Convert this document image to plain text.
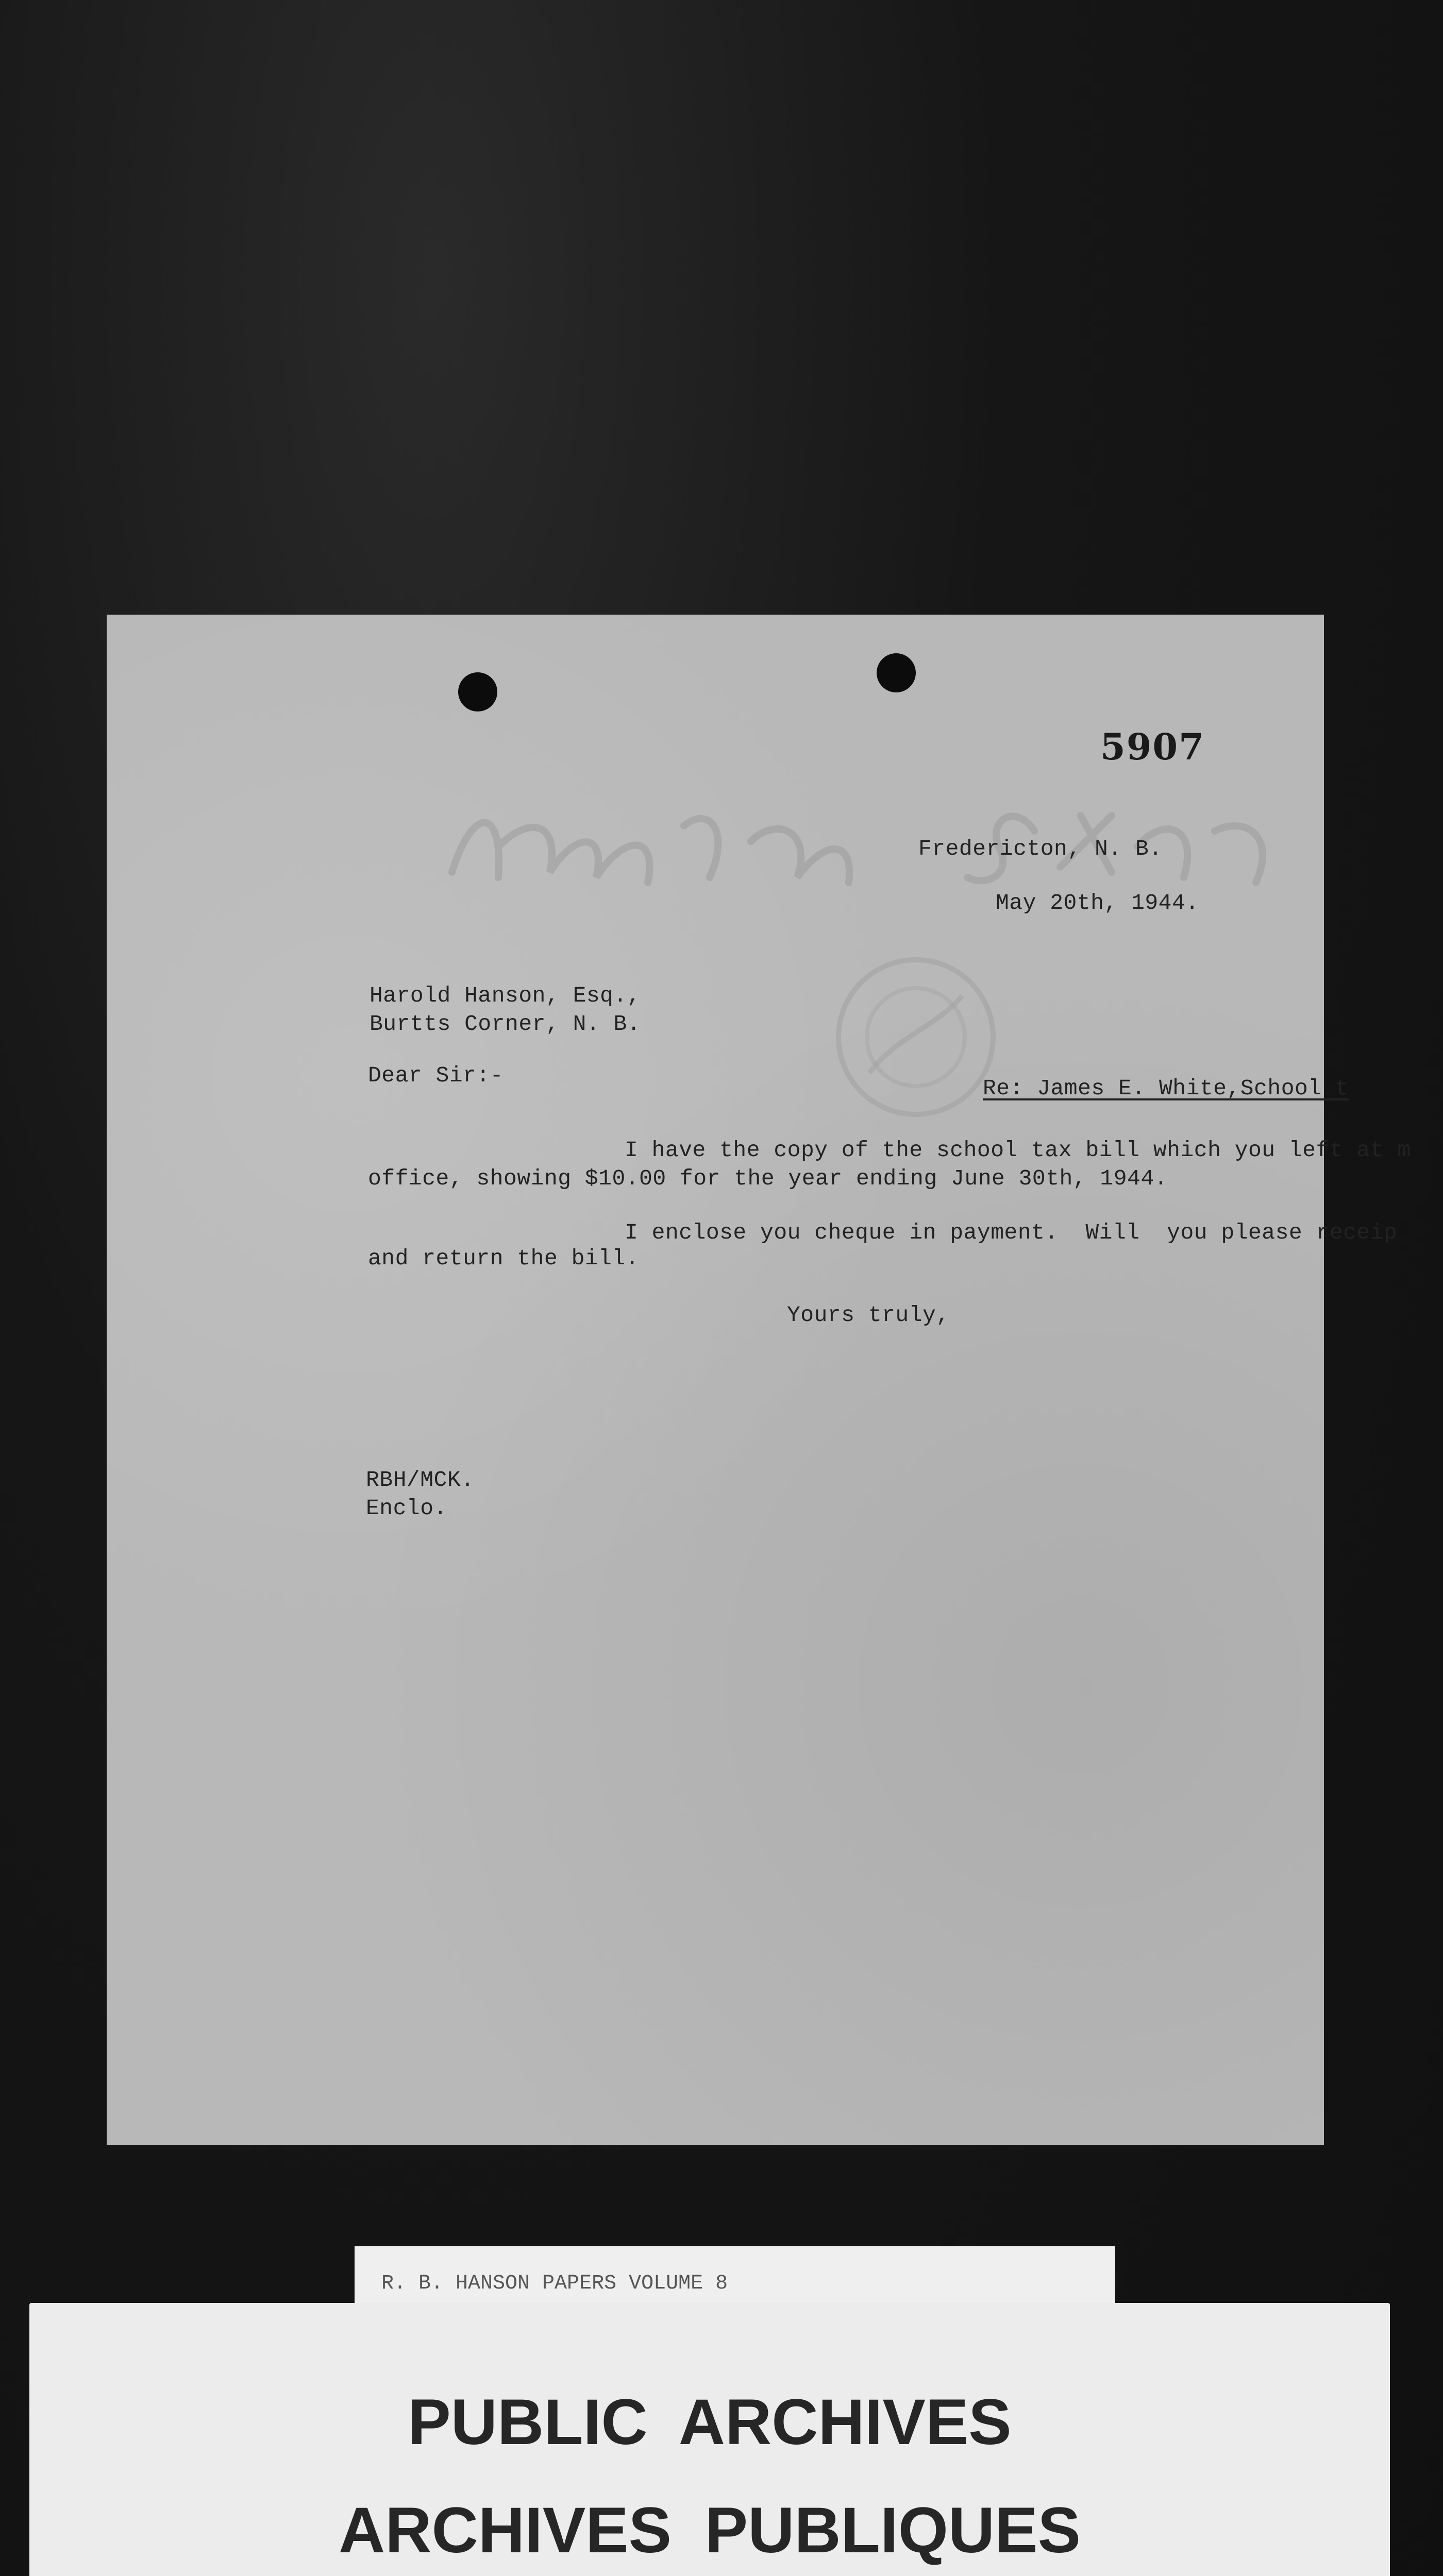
5907
Fredericton, N. B.
May 20th, 1944.
Harold Hanson, Esq.,
Burtts Corner, N. B.
Dear Sir:-
Re: James E. White,School t
I have the copy of the school tax bill which you left at m
office, showing $10.00 for the year ending June 30th, 1944.
I enclose you cheque in payment.  Will  you please receip
and return the bill.
Yours truly,
RBH/MCK.
Enclo.
R. B. HANSON PAPERS VOLUME 8
PUBLIC ARCHIVES
ARCHIVES PUBLIQUES
